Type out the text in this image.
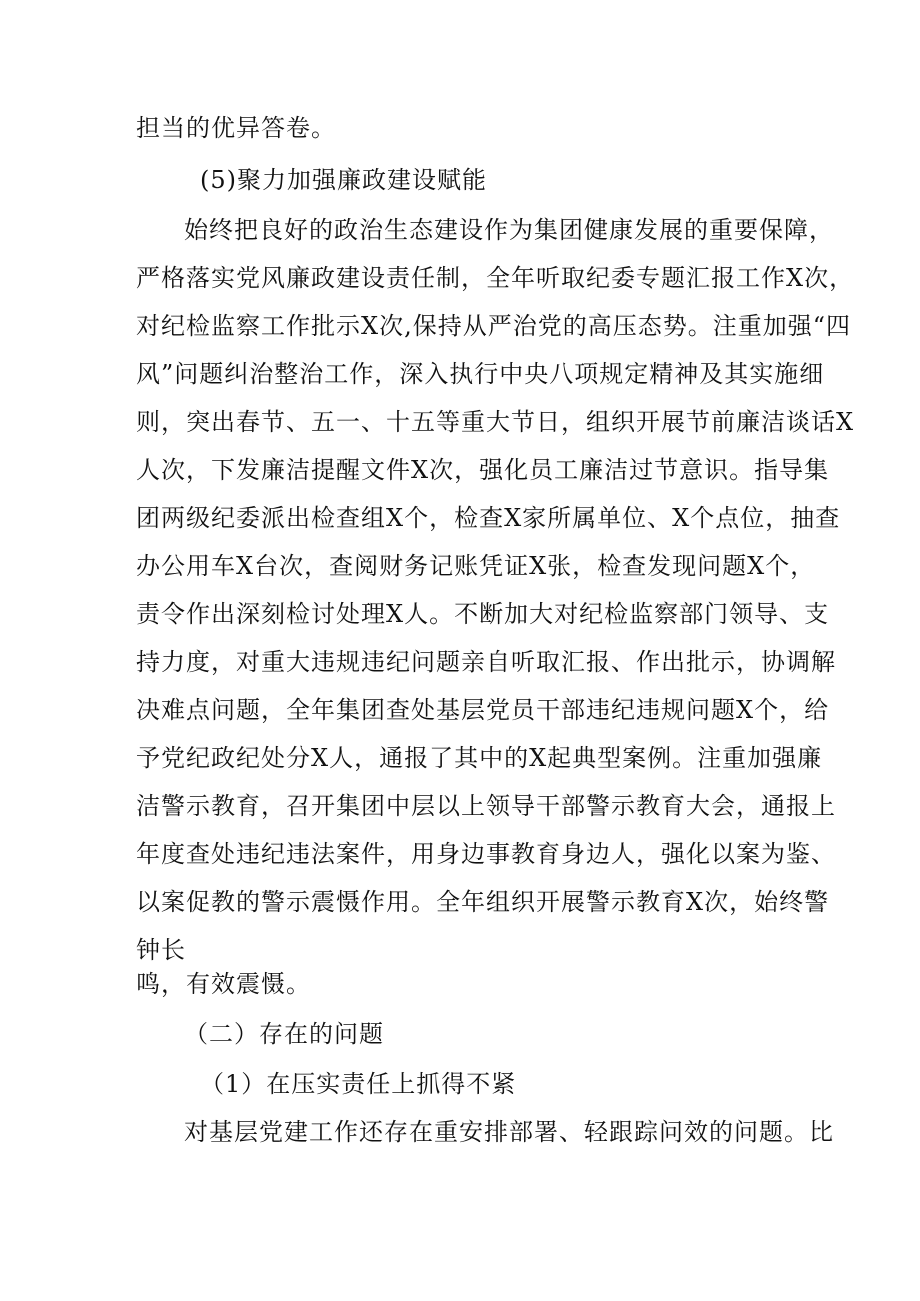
担当的优异答卷。
(5)聚力加强廉政建设赋能
始终把良好的政治生态建设作为集团健康发展的重要保障，
严格落实党风廉政建设责任制，全年听取纪委专题汇报工作X次，
对纪检监察工作批示X次,保持从严治党的高压态势。注重加强“四
风”问题纠治整治工作，深入执行中央八项规定精神及其实施细
则，突出春节、五一、十五等重大节日，组织开展节前廉洁谈话X
人次，下发廉洁提醒文件X次，强化员工廉洁过节意识。指导集
团两级纪委派出检查组X个，检查X家所属单位、X个点位，抽查
办公用车X台次，查阅财务记账凭证X张，检查发现问题X个，
责令作出深刻检讨处理X人。不断加大对纪检监察部门领导、支
持力度，对重大违规违纪问题亲自听取汇报、作出批示，协调解
决难点问题，全年集团查处基层党员干部违纪违规问题X个，给
予党纪政纪处分X人，通报了其中的X起典型案例。注重加强廉
洁警示教育，召开集团中层以上领导干部警示教育大会，通报上
年度查处违纪违法案件，用身边事教育身边人，强化以案为鉴、
以案促教的警示震慑作用。全年组织开展警示教育X次，始终警
钟长
鸣，有效震慑。
（二）存在的问题
（1）在压实责任上抓得不紧
对基层党建工作还存在重安排部署、轻跟踪问效的问题。比
